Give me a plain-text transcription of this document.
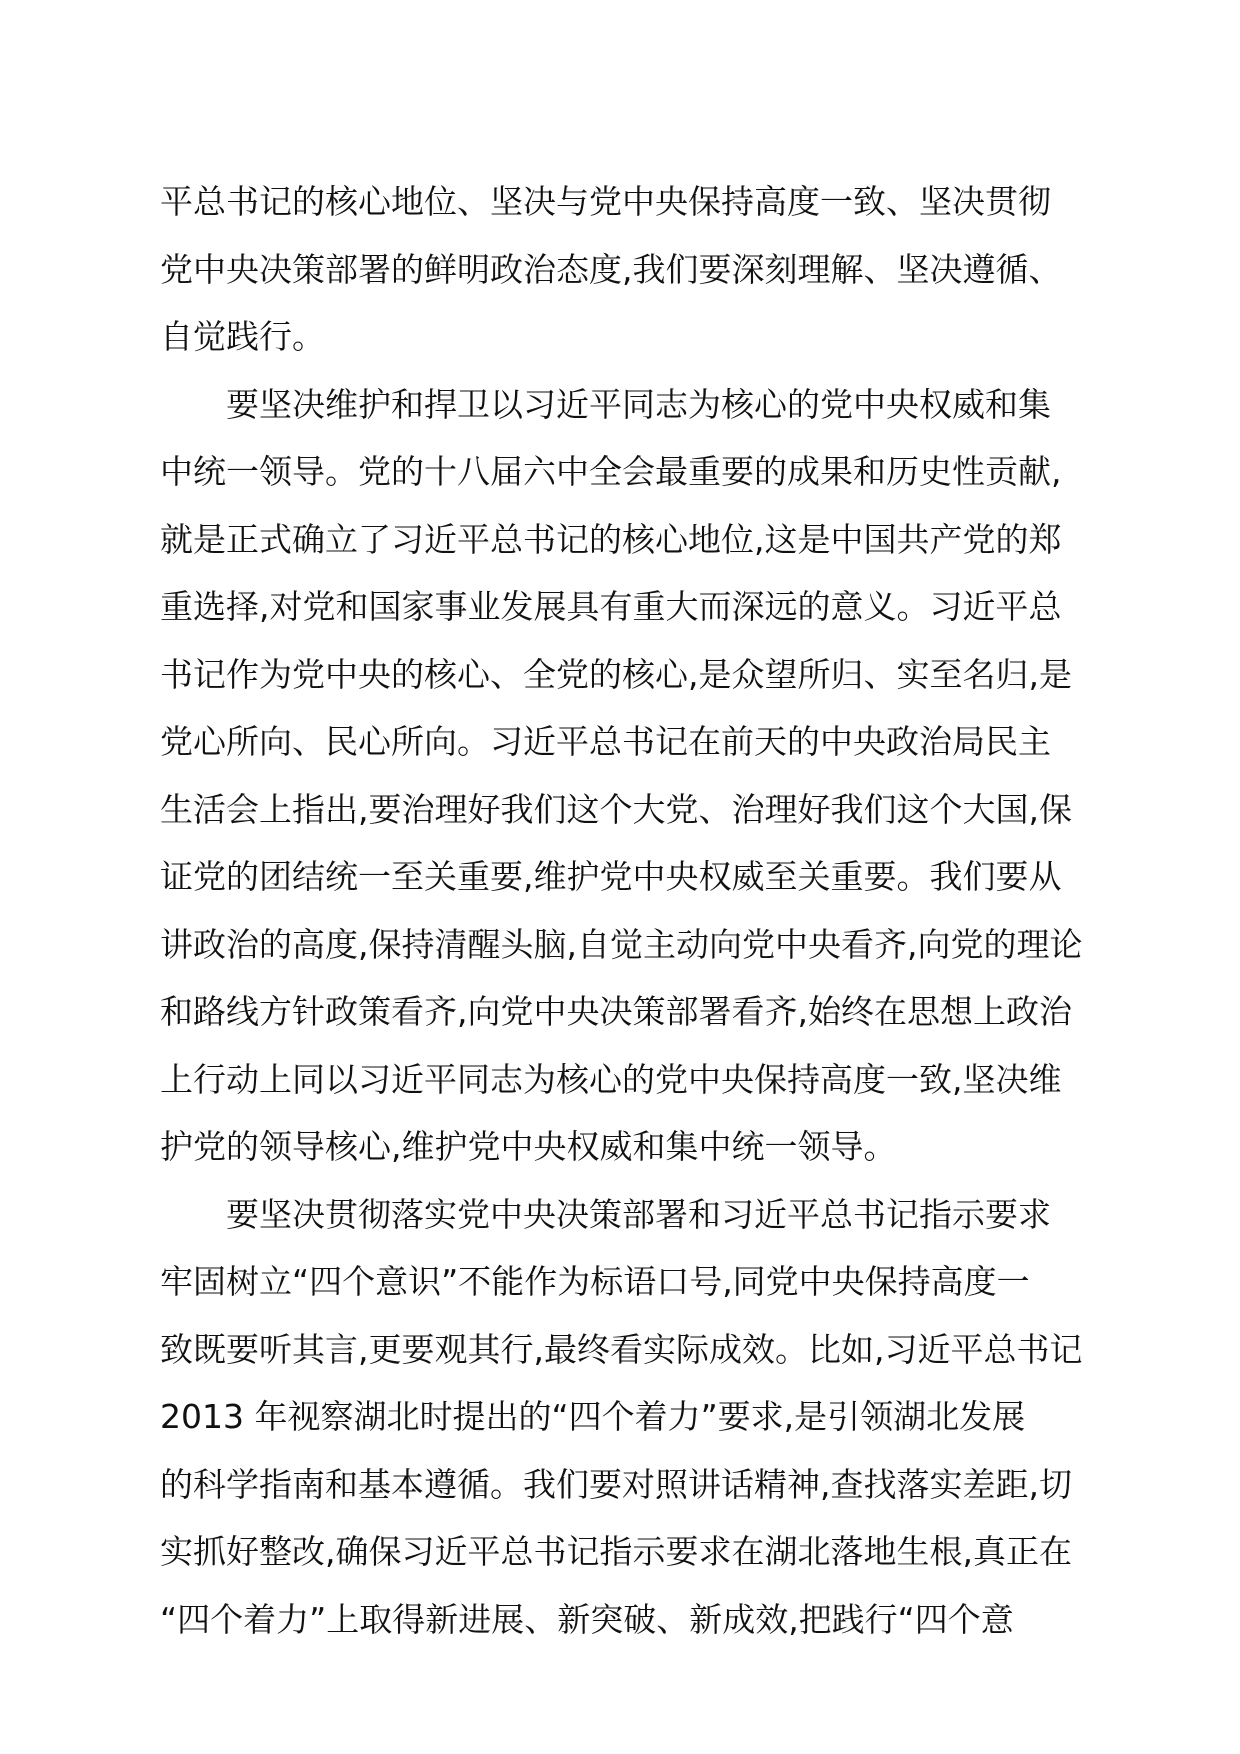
平总书记的核心地位、坚决与党中央保持高度一致、坚决贯彻
党中央决策部署的鲜明政治态度,我们要深刻理解、坚决遵循、
自觉践行。
要坚决维护和捍卫以习近平同志为核心的党中央权威和集
中统一领导。党的十八届六中全会最重要的成果和历史性贡献,
就是正式确立了习近平总书记的核心地位,这是中国共产党的郑
重选择,对党和国家事业发展具有重大而深远的意义。习近平总
书记作为党中央的核心、全党的核心,是众望所归、实至名归,是
党心所向、民心所向。习近平总书记在前天的中央政治局民主
生活会上指出,要治理好我们这个大党、治理好我们这个大国,保
证党的团结统一至关重要,维护党中央权威至关重要。我们要从
讲政治的高度,保持清醒头脑,自觉主动向党中央看齐,向党的理论
和路线方针政策看齐,向党中央决策部署看齐,始终在思想上政治
上行动上同以习近平同志为核心的党中央保持高度一致,坚决维
护党的领导核心,维护党中央权威和集中统一领导。
要坚决贯彻落实党中央决策部署和习近平总书记指示要求
牢固树立“四个意识”不能作为标语口号,同党中央保持高度一
致既要听其言,更要观其行,最终看实际成效。比如,习近平总书记
2013 年视察湖北时提出的“四个着力”要求,是引领湖北发展
的科学指南和基本遵循。我们要对照讲话精神,查找落实差距,切
实抓好整改,确保习近平总书记指示要求在湖北落地生根,真正在
“四个着力”上取得新进展、新突破、新成效,把践行“四个意
